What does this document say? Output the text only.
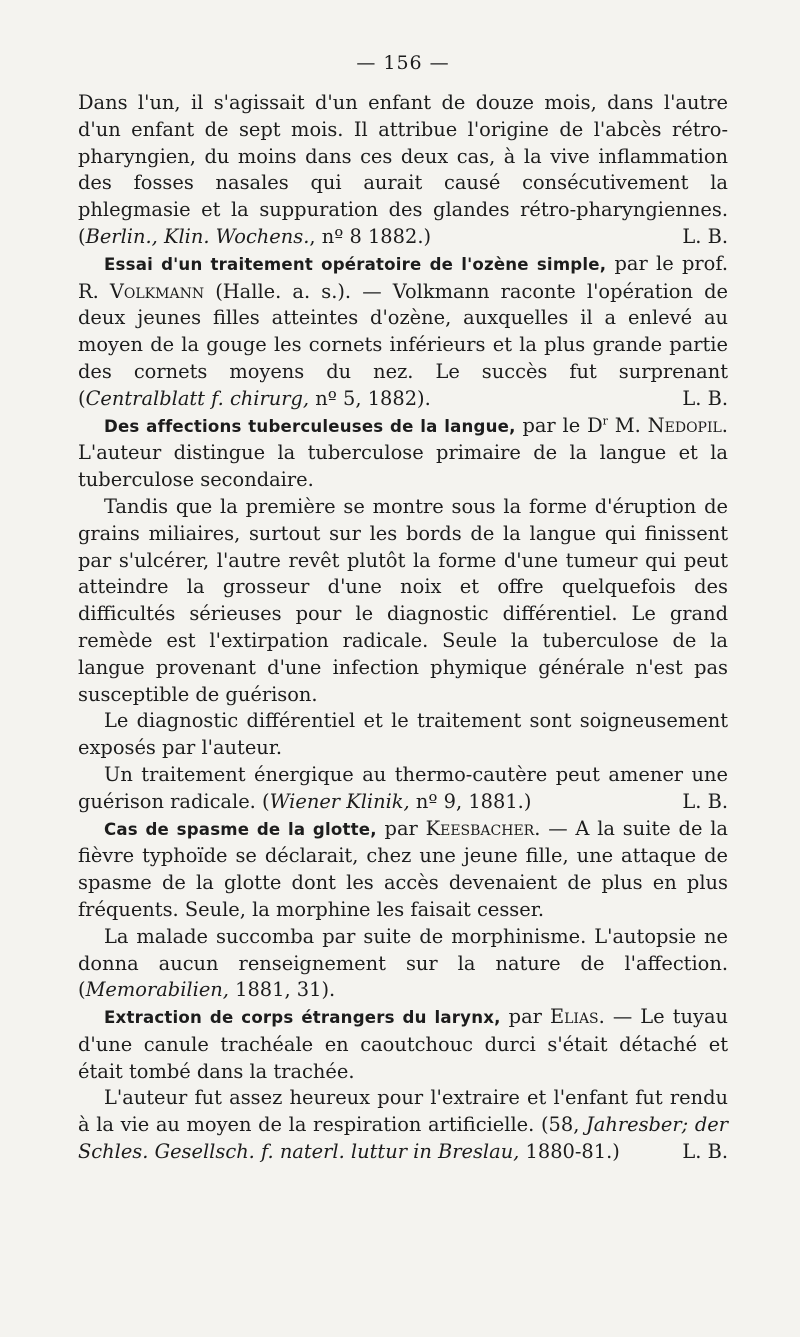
— 156 —

Dans l'un, il s'agissait d'un enfant de douze mois, dans l'autre d'un enfant de sept mois. Il attribue l'origine de l'abcès rétro-pharyngien, du moins dans ces deux cas, à la vive inflammation des fosses nasales qui aurait causé consécutivement la phlegmasie et la suppuration des glandes rétro-pharyngiennes. (Berlin., Klin. Wochens., nº 8 1882.)	L. B.

Essai d'un traitement opératoire de l'ozène simple, par le prof. R. Volkmann (Halle. a. s.). — Volkmann raconte l'opération de deux jeunes filles atteintes d'ozène, auxquelles il a enlevé au moyen de la gouge les cornets inférieurs et la plus grande partie des cornets moyens du nez. Le succès fut surprenant (Centralblatt f. chirurg, nº 5, 1882).	L. B.

Des affections tuberculeuses de la langue, par le $D^r$ M. Nedopil. L'auteur distingue la tuberculose primaire de la langue et la tuberculose secondaire.

Tandis que la première se montre sous la forme d'éruption de grains miliaires, surtout sur les bords de la langue qui finissent par s'ulcérer, l'autre revêt plutôt la forme d'une tumeur qui peut atteindre la grosseur d'une noix et offre quelquefois des difficultés sérieuses pour le diagnostic différentiel. Le grand remède est l'extirpation radicale. Seule la tuberculose de la langue provenant d'une infection phymique générale n'est pas susceptible de guérison.

Le diagnostic différentiel et le traitement sont soigneusement exposés par l'auteur.

Un traitement énergique au thermo-cautère peut amener une guérison radicale. (Wiener Klinik, nº 9, 1881.)	L. B.

Cas de spasme de la glotte, par Keesbacher. — A la suite de la fièvre typhoïde se déclarait, chez une jeune fille, une attaque de spasme de la glotte dont les accès devenaient de plus en plus fréquents. Seule, la morphine les faisait cesser.

La malade succomba par suite de morphinisme. L'autopsie ne donna aucun renseignement sur la nature de l'affection. (Memorabilien, 1881, 31).

Extraction de corps étrangers du larynx, par Elias. — Le tuyau d'une canule trachéale en caoutchouc durci s'était détaché et était tombé dans la trachée.

L'auteur fut assez heureux pour l'extraire et l'enfant fut rendu à la vie au moyen de la respiration artificielle. (58, Jahresber; der Schles. Gesellsch. f. naterl. luttur in Breslau, 1880-81.)	L. B.
